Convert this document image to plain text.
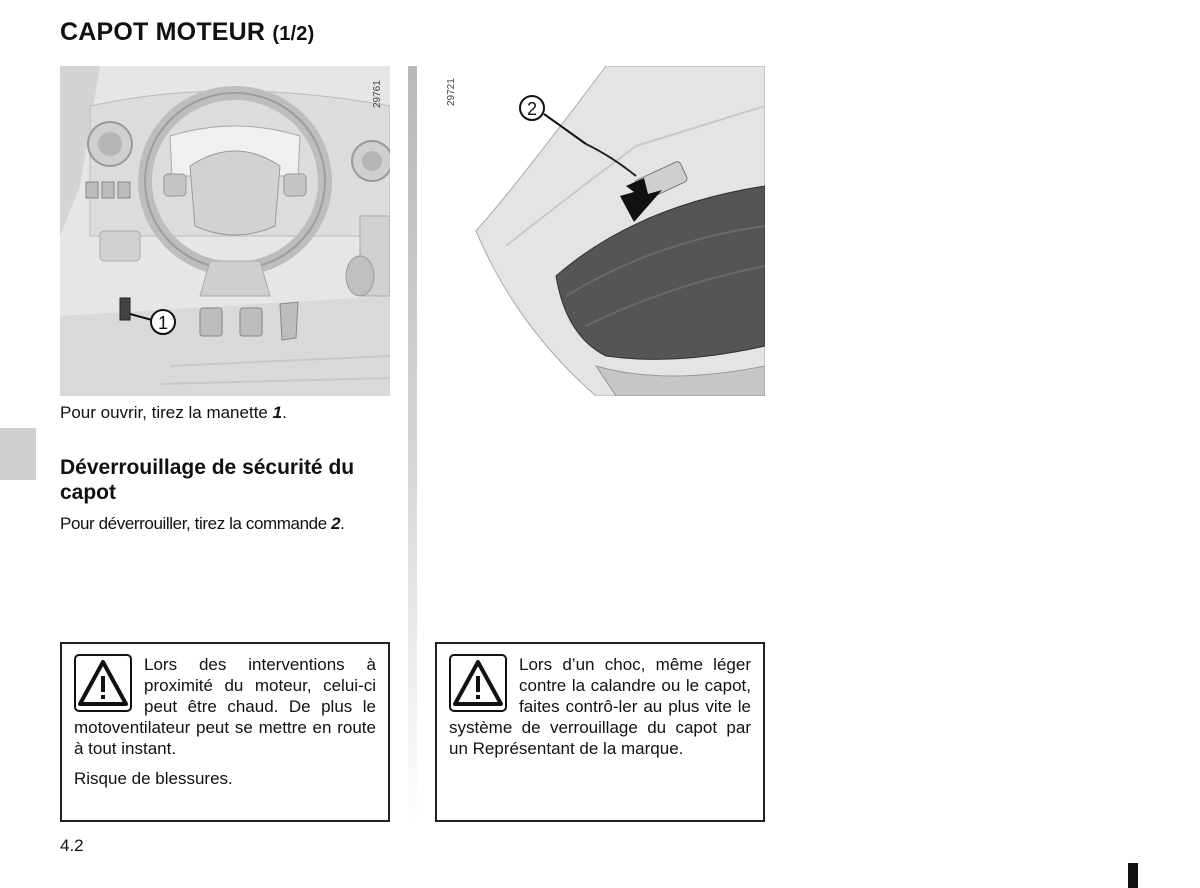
CAPOT MOTEUR (1/2)
1
29761
2
29721
Pour ouvrir, tirez la manette 1.
Déverrouillage de sécurité du capot
Pour déverrouiller, tirez la commande 2.
Lors des interventions à proximité du moteur, celui-ci peut être chaud. De plus le motoventilateur peut se mettre en route à tout instant.
Risque de blessures.
Lors d’un choc, même léger contre la calandre ou le capot, faites contrô-ler au plus vite le système de verrouillage du capot par un Représentant de la marque.
4.2
